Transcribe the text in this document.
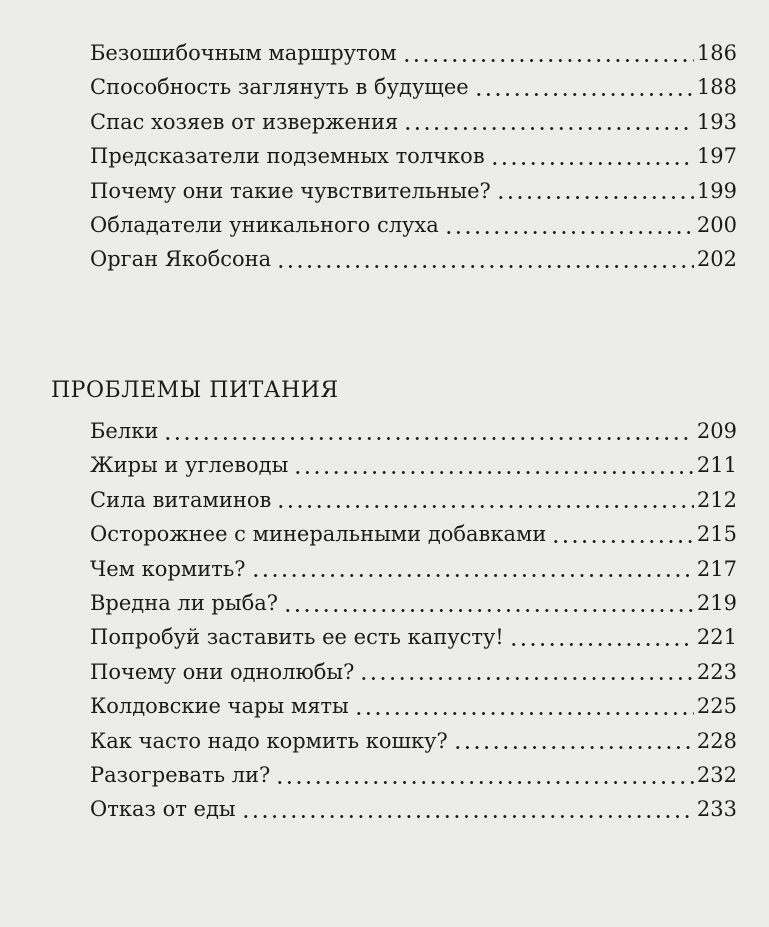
Безошибочным маршрутом	186
Способность заглянуть в будущее	188
Спас хозяев от извержения	193
Предсказатели подземных толчков	197
Почему они такие чувствительные?	199
Обладатели уникального слуха	200
Орган Якобсона	202
ПРОБЛЕМЫ ПИТАНИЯ
Белки	209
Жиры и углеводы	211
Сила витаминов	212
Осторожнее с минеральными добавками	215
Чем кормить?	217
Вредна ли рыба?	219
Попробуй заставить ее есть капусту!	221
Почему они однолюбы?	223
Колдовские чары мяты	225
Как часто надо кормить кошку?	228
Разогревать ли?	232
Отказ от еды	233
